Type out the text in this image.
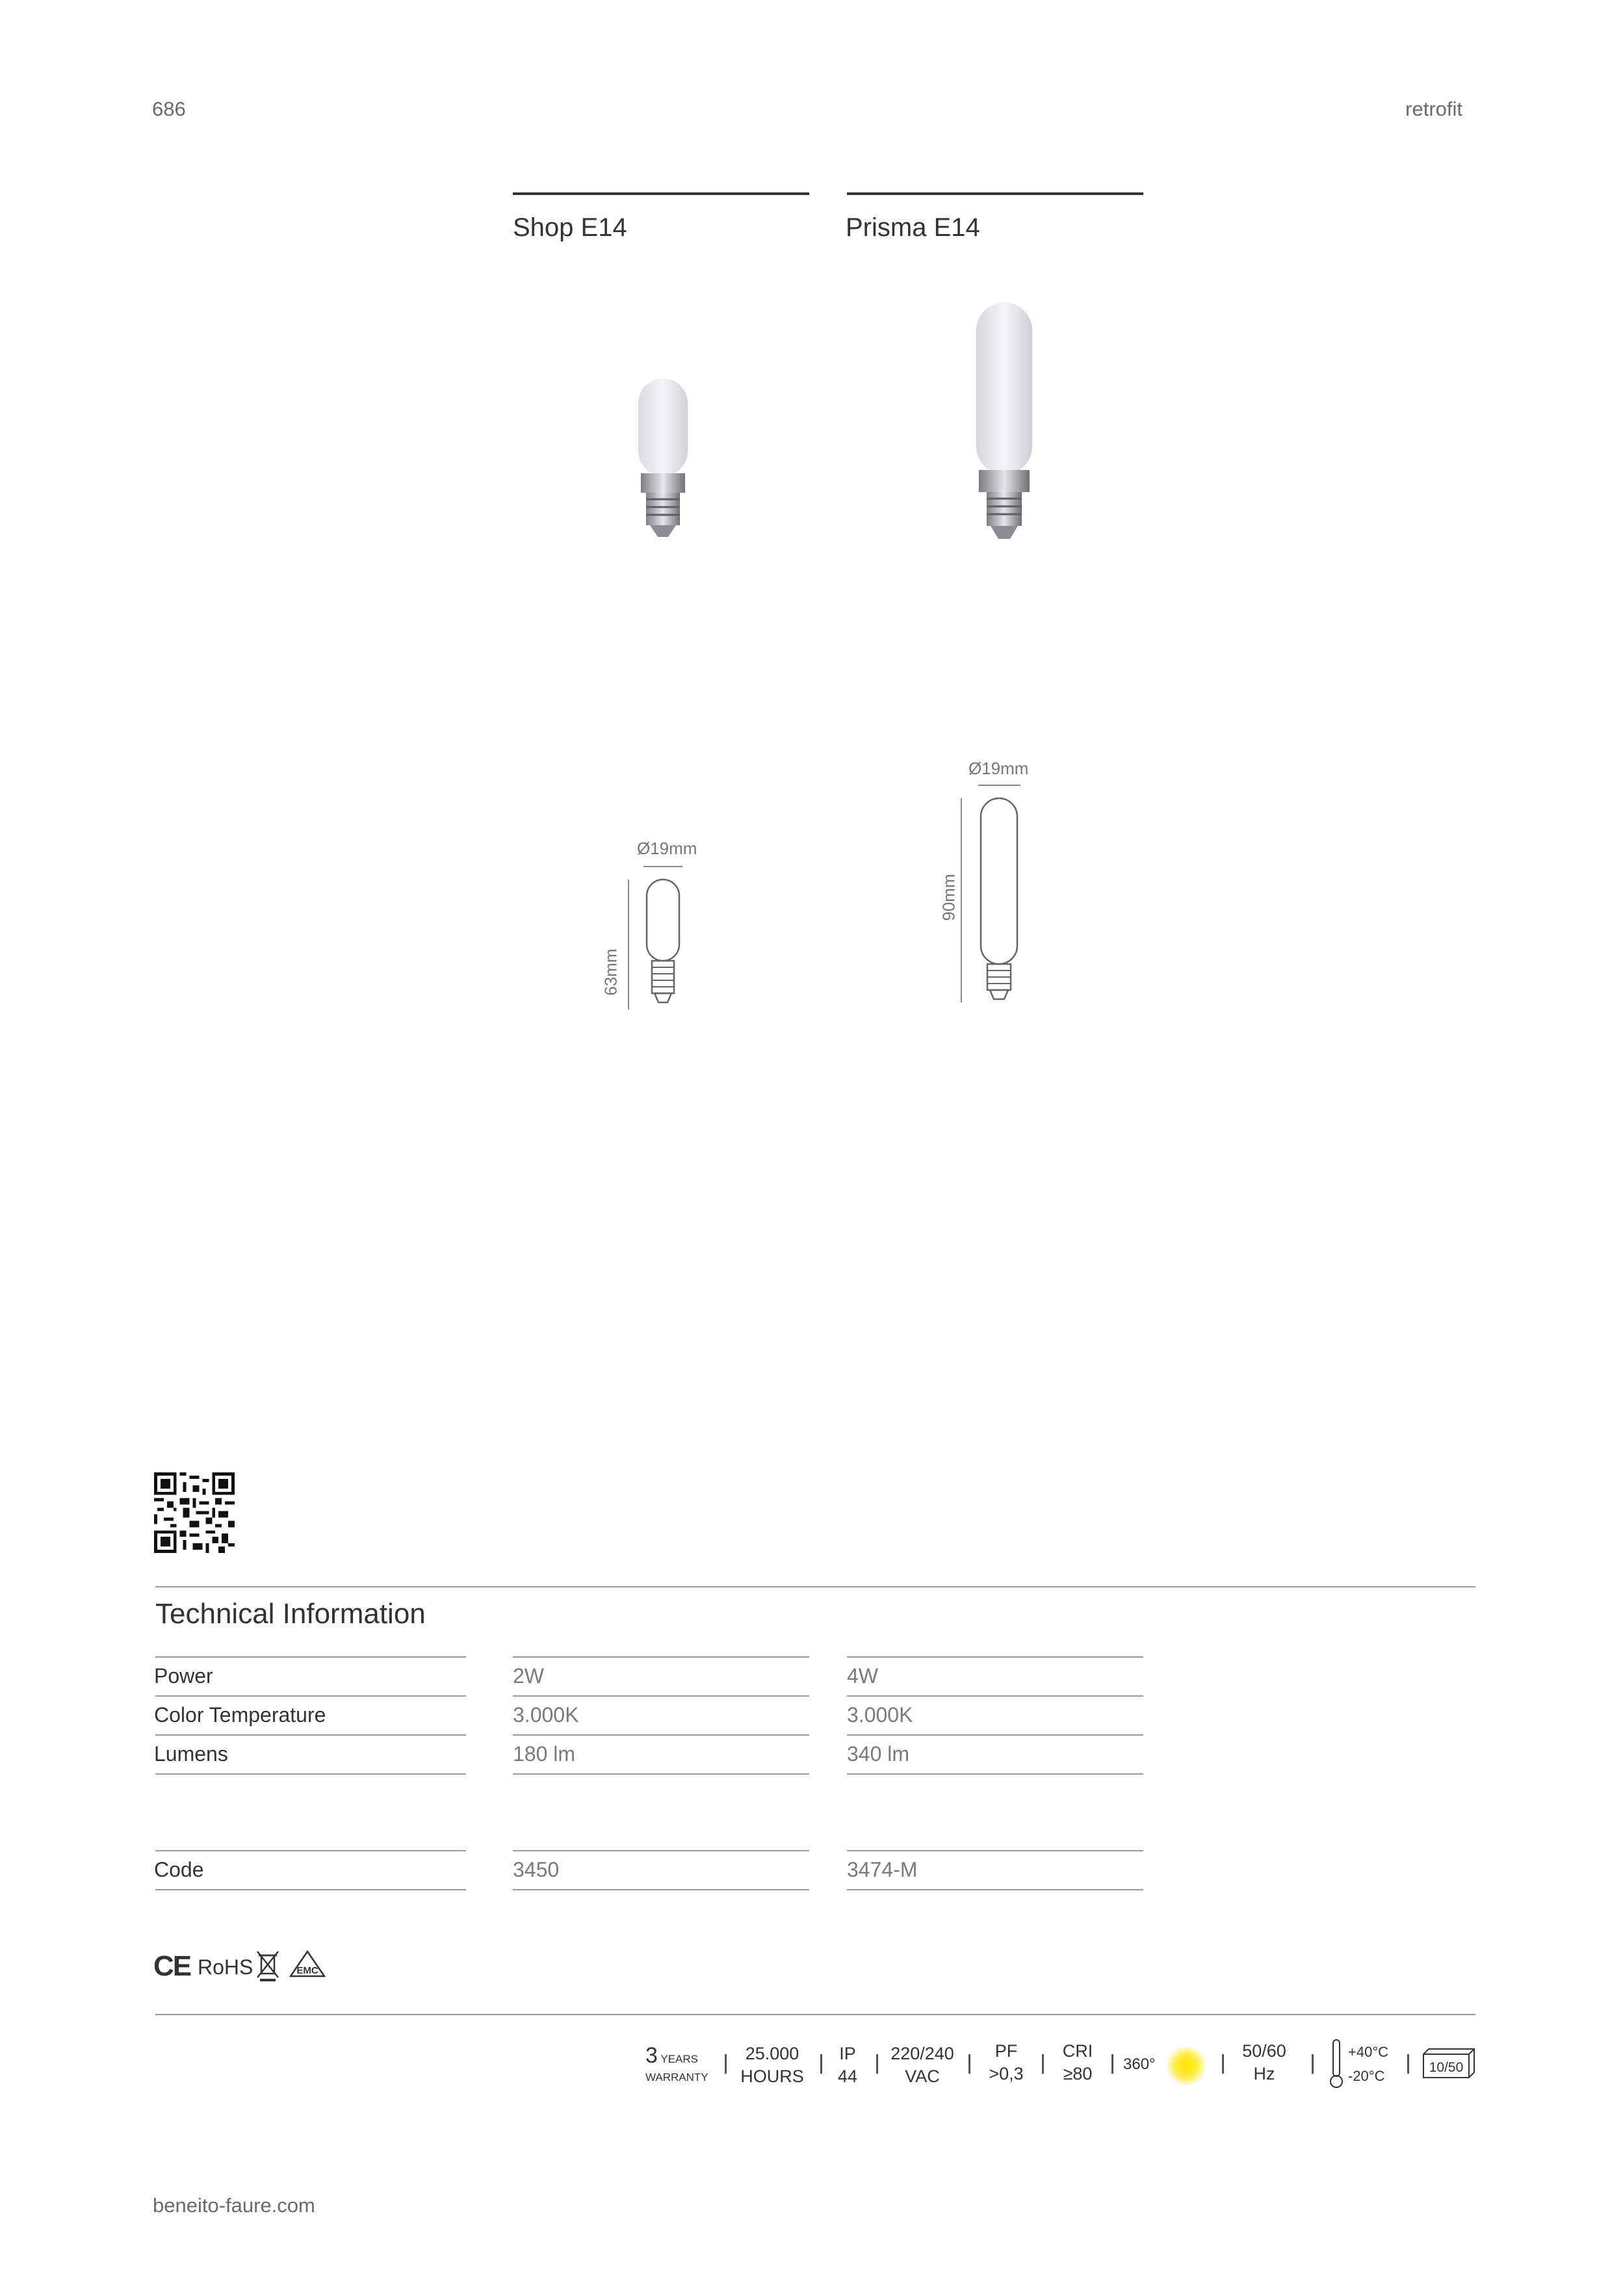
686	retrofit
Shop E14	Prisma E14
Ø19mm
63mm
Ø19mm
90mm
Technical Information
Power	2W	4W
Color Temperature	3.000K	3.000K
Lumens	180 lm	340 lm
Code	3450	3474-M
CE RoHS	EMC
3 YEARS
WARRANTY
25.000
HOURS
IP
44
220/240
VAC
PF
>0,3
CRI
≥80	360°
50/60
Hz
+40°C
-20°C
10/50
beneito-faure.com
